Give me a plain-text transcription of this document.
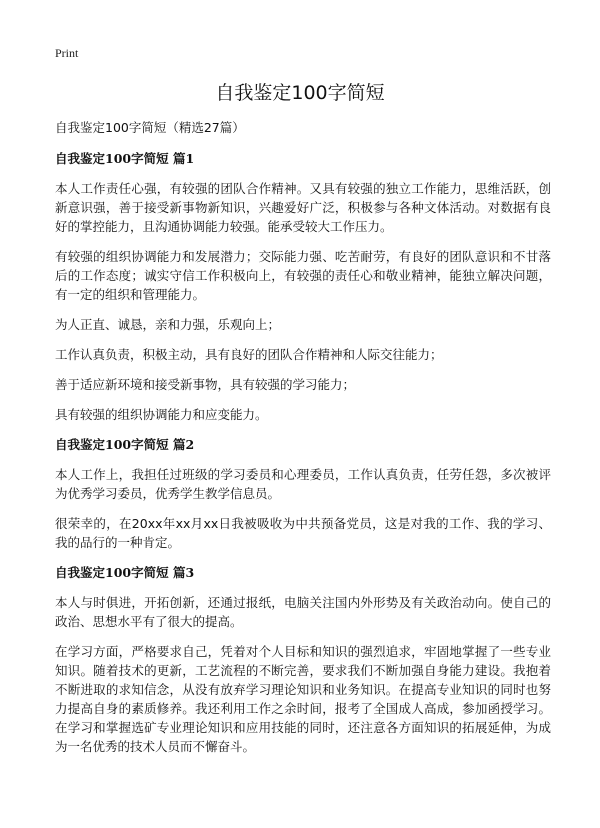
Print
自我鉴定100字简短

自我鉴定100字简短（精选27篇）

自我鉴定100字简短 篇1

本人工作责任心强，有较强的团队合作精神。又具有较强的独立工作能力，思维活跃，创新意识强，善于接受新事物新知识，兴趣爱好广泛，积极参与各种文体活动。对数据有良好的掌控能力，且沟通协调能力较强。能承受较大工作压力。

有较强的组织协调能力和发展潜力；交际能力强、吃苦耐劳，有良好的团队意识和不甘落后的工作态度；诚实守信工作积极向上，有较强的责任心和敬业精神，能独立解决问题，有一定的组织和管理能力。

为人正直、诚恳，亲和力强，乐观向上；

工作认真负责，积极主动，具有良好的团队合作精神和人际交往能力；

善于适应新环境和接受新事物，具有较强的学习能力；

具有较强的组织协调能力和应变能力。

自我鉴定100字简短 篇2

本人工作上，我担任过班级的学习委员和心理委员，工作认真负责，任劳任怨，多次被评为优秀学习委员，优秀学生教学信息员。

很荣幸的，在20xx年xx月xx日我被吸收为中共预备党员，这是对我的工作、我的学习、我的品行的一种肯定。

自我鉴定100字简短 篇3

本人与时俱进，开拓创新，还通过报纸，电脑关注国内外形势及有关政治动向。使自己的政治、思想水平有了很大的提高。

在学习方面，严格要求自己，凭着对个人目标和知识的强烈追求，牢固地掌握了一些专业知识。随着技术的更新，工艺流程的不断完善，要求我们不断加强自身能力建设。我抱着不断进取的求知信念，从没有放弃学习理论知识和业务知识。在提高专业知识的同时也努力提高自身的素质修养。我还利用工作之余时间，报考了全国成人高成，参加函授学习。在学习和掌握选矿专业理论知识和应用技能的同时，还注意各方面知识的拓展延伸，为成为一名优秀的技术人员而不懈奋斗。
